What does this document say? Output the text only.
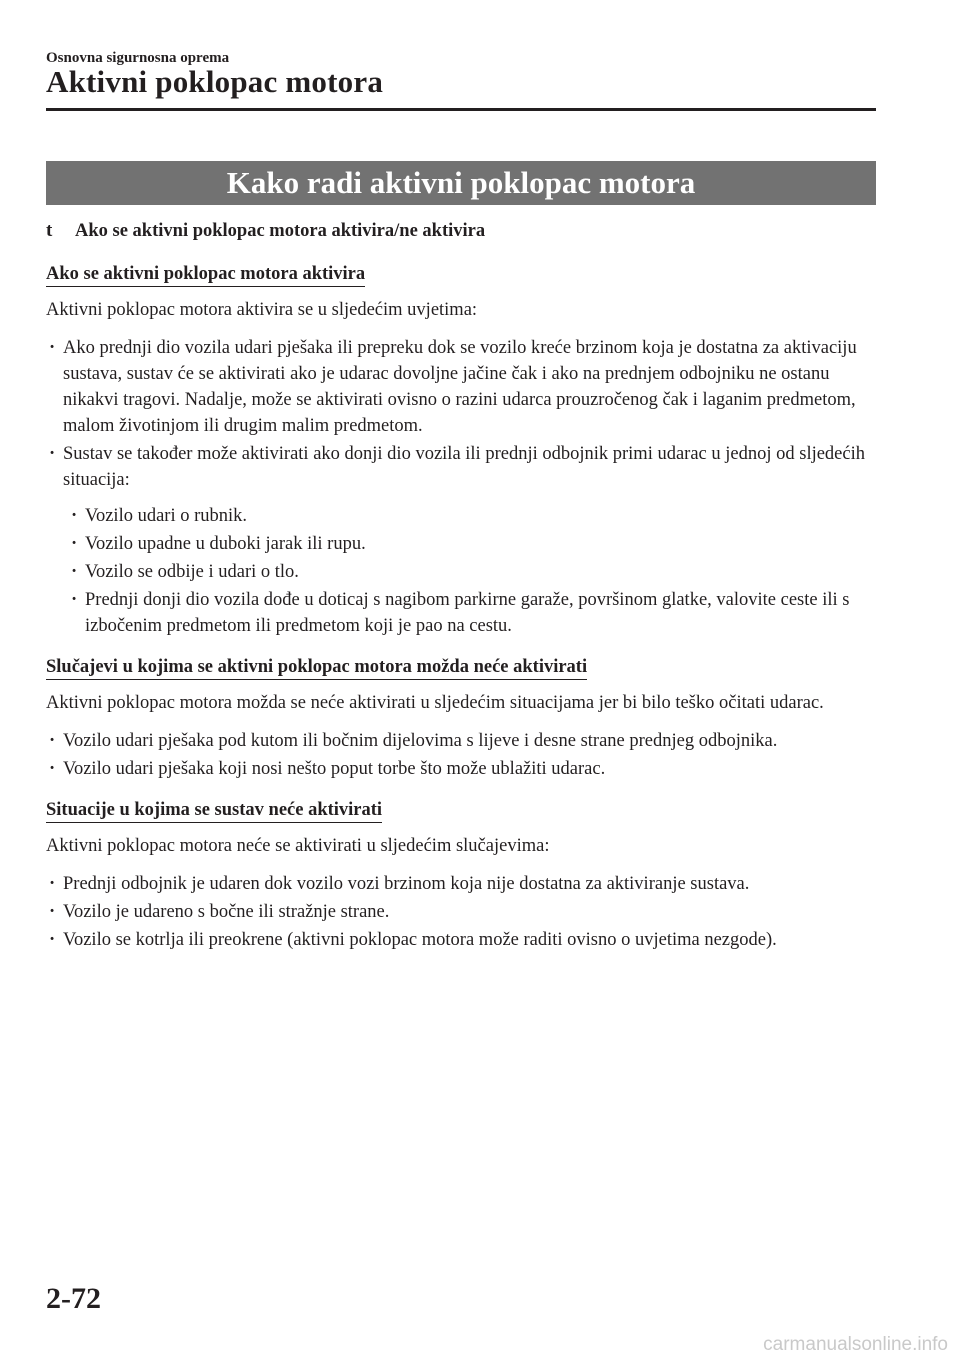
Osnovna sigurnosna oprema
Aktivni poklopac motora
Kako radi aktivni poklopac motora
t	Ako se aktivni poklopac motora aktivira/ne aktivira
Ako se aktivni poklopac motora aktivira

Aktivni poklopac motora aktivira se u sljedećim uvjetima:

· Ako prednji dio vozila udari pješaka ili prepreku dok se vozilo kreće brzinom koja je dostatna za aktivaciju sustava, sustav će se aktivirati ako je udarac dovoljne jačine čak i ako na prednjem odbojniku ne ostanu nikakvi tragovi. Nadalje, može se aktivirati ovisno o razini udarca prouzročenog čak i laganim predmetom, malom životinjom ili drugim malim predmetom.
· Sustav se također može aktivirati ako donji dio vozila ili prednji odbojnik primi udarac u jednoj od sljedećih situacija:
· Vozilo udari o rubnik.
· Vozilo upadne u duboki jarak ili rupu.
· Vozilo se odbije i udari o tlo.
· Prednji donji dio vozila dođe u doticaj s nagibom parkirne garaže, površinom glatke, valovite ceste ili s izbočenim predmetom ili predmetom koji je pao na cestu.
Slučajevi u kojima se aktivni poklopac motora možda neće aktivirati

Aktivni poklopac motora možda se neće aktivirati u sljedećim situacijama jer bi bilo teško očitati udarac.

· Vozilo udari pješaka pod kutom ili bočnim dijelovima s lijeve i desne strane prednjeg odbojnika.
· Vozilo udari pješaka koji nosi nešto poput torbe što može ublažiti udarac.
Situacije u kojima se sustav neće aktivirati

Aktivni poklopac motora neće se aktivirati u sljedećim slučajevima:

· Prednji odbojnik je udaren dok vozilo vozi brzinom koja nije dostatna za aktiviranje sustava.
· Vozilo je udareno s bočne ili stražnje strane.
· Vozilo se kotrlja ili preokrene (aktivni poklopac motora može raditi ovisno o uvjetima nezgode).
2-72
carmanualsonline.info
